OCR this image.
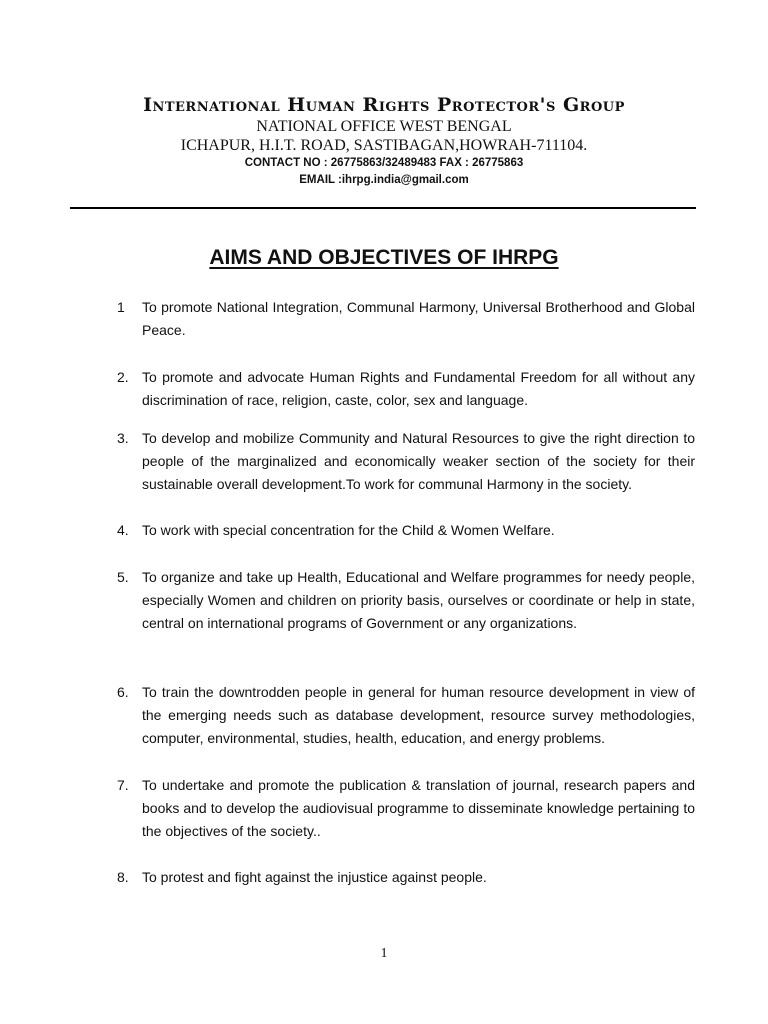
International Human Rights Protector's Group
NATIONAL OFFICE WEST BENGAL
ICHAPUR, H.I.T. ROAD, SASTIBAGAN,HOWRAH-711104.
CONTACT NO : 26775863/32489483 FAX : 26775863
EMAIL :ihrpg.india@gmail.com
AIMS AND OBJECTIVES OF IHRPG
1	To promote National Integration, Communal Harmony, Universal Brotherhood and Global Peace.
2. To promote and advocate Human Rights and Fundamental Freedom for all without any discrimination of race, religion, caste, color, sex and language.
3. To develop and mobilize Community and Natural Resources to give the right direction to people of the marginalized and economically weaker section of the society for their sustainable overall development.To work for communal Harmony in the society.
4. To work with special concentration for the Child & Women Welfare.
5. To organize and take up Health, Educational and Welfare programmes for needy people, especially Women and children on priority basis, ourselves or coordinate or help in state, central on international programs of Government or any organizations.
6. To train the downtrodden people in general for human resource development in view of the emerging needs such as database development, resource survey methodologies, computer, environmental, studies, health, education, and energy problems.
7. To undertake and promote the publication & translation of journal, research papers and books and to develop the audiovisual programme to disseminate knowledge pertaining to the objectives of the society..
8. To protest and fight against the injustice against people.
1
